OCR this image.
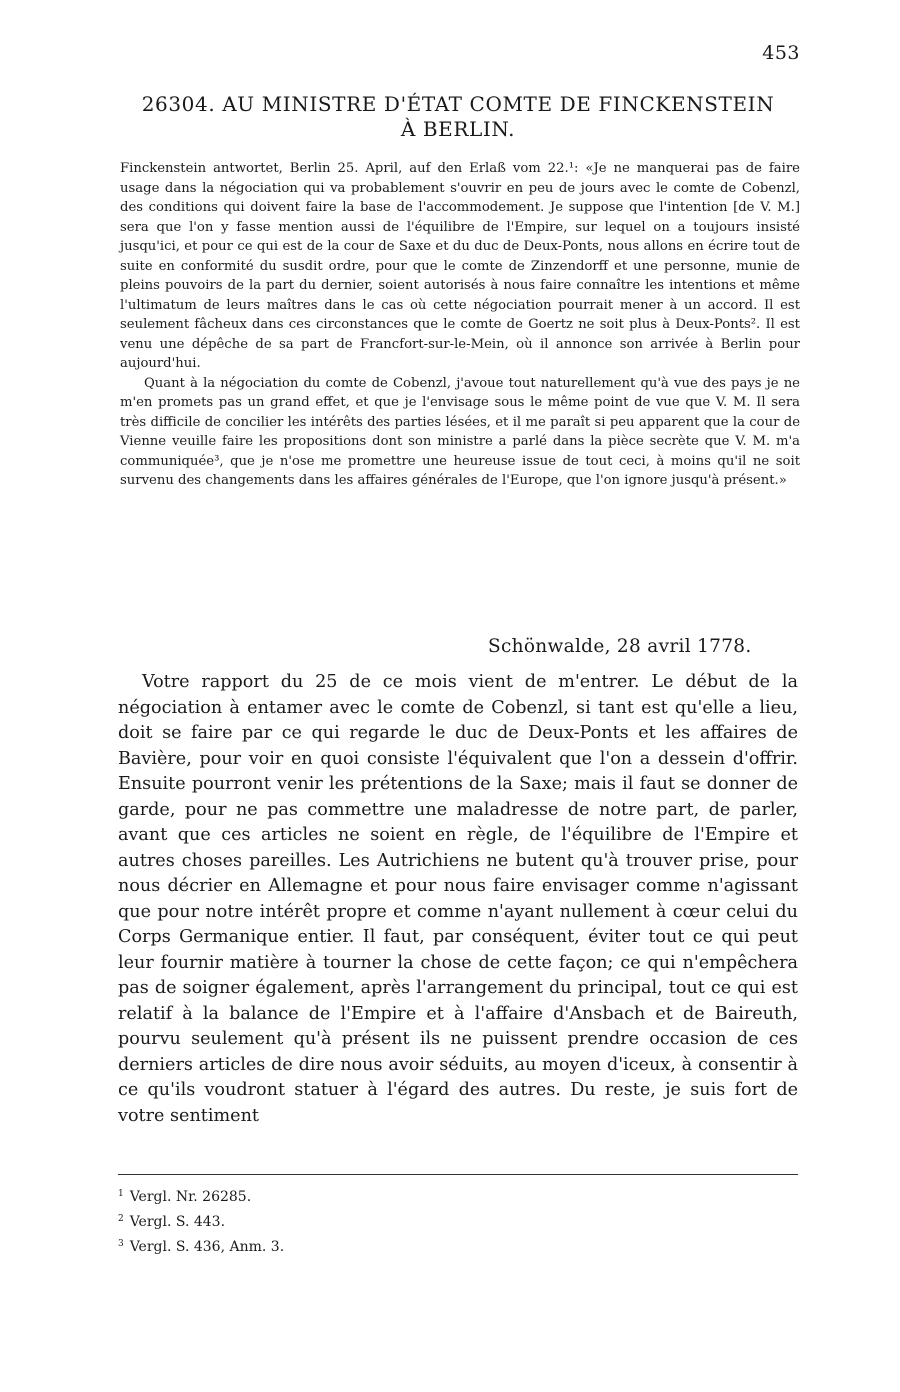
453
26304. AU MINISTRE D'ÉTAT COMTE DE FINCKENSTEIN
À BERLIN.

Finckenstein antwortet, Berlin 25. April, auf den Erlaß vom 22.¹: «Je ne manquerai pas de faire usage dans la négociation qui va probablement s'ouvrir en peu de jours avec le comte de Cobenzl, des conditions qui doivent faire la base de l'accommodement. Je suppose que l'intention [de V. M.] sera que l'on y fasse mention aussi de l'équilibre de l'Empire, sur lequel on a toujours insisté jusqu'ici, et pour ce qui est de la cour de Saxe et du duc de Deux-Ponts, nous allons en écrire tout de suite en conformité du susdit ordre, pour que le comte de Zinzendorff et une personne, munie de pleins pouvoirs de la part du dernier, soient autorisés à nous faire connaître les intentions et même l'ultimatum de leurs maîtres dans le cas où cette négociation pourrait mener à un accord. Il est seulement fâcheux dans ces circonstances que le comte de Goertz ne soit plus à Deux-Ponts². Il est venu une dépêche de sa part de Francfort-sur-le-Mein, où il annonce son arrivée à Berlin pour aujourd'hui.

Quant à la négociation du comte de Cobenzl, j'avoue tout naturellement qu'à vue des pays je ne m'en promets pas un grand effet, et que je l'envisage sous le même point de vue que V. M. Il sera très difficile de concilier les intérêts des parties lésées, et il me paraît si peu apparent que la cour de Vienne veuille faire les propositions dont son ministre a parlé dans la pièce secrète que V. M. m'a communiquée³, que je n'ose me promettre une heureuse issue de tout ceci, à moins qu'il ne soit survenu des changements dans les affaires générales de l'Europe, que l'on ignore jusqu'à présent.»

Schönwalde, 28 avril 1778.

Votre rapport du 25 de ce mois vient de m'entrer. Le début de la négociation à entamer avec le comte de Cobenzl, si tant est qu'elle a lieu, doit se faire par ce qui regarde le duc de Deux-Ponts et les affaires de Bavière, pour voir en quoi consiste l'équivalent que l'on a dessein d'offrir. Ensuite pourront venir les prétentions de la Saxe; mais il faut se donner de garde, pour ne pas commettre une maladresse de notre part, de parler, avant que ces articles ne soient en règle, de l'équilibre de l'Empire et autres choses pareilles. Les Autrichiens ne butent qu'à trouver prise, pour nous décrier en Allemagne et pour nous faire envisager comme n'agissant que pour notre intérêt propre et comme n'ayant nullement à cœur celui du Corps Germanique entier. Il faut, par conséquent, éviter tout ce qui peut leur fournir matière à tourner la chose de cette façon; ce qui n'empêchera pas de soigner également, après l'arrangement du principal, tout ce qui est relatif à la balance de l'Empire et à l'affaire d'Ansbach et de Baireuth, pourvu seulement qu'à présent ils ne puissent prendre occasion de ces derniers articles de dire nous avoir séduits, au moyen d'iceux, à consentir à ce qu'ils voudront statuer à l'égard des autres. Du reste, je suis fort de votre sentiment

$^1$ Vergl. Nr. 26285.
$^2$ Vergl. S. 443.
$^3$ Vergl. S. 436, Anm. 3.
